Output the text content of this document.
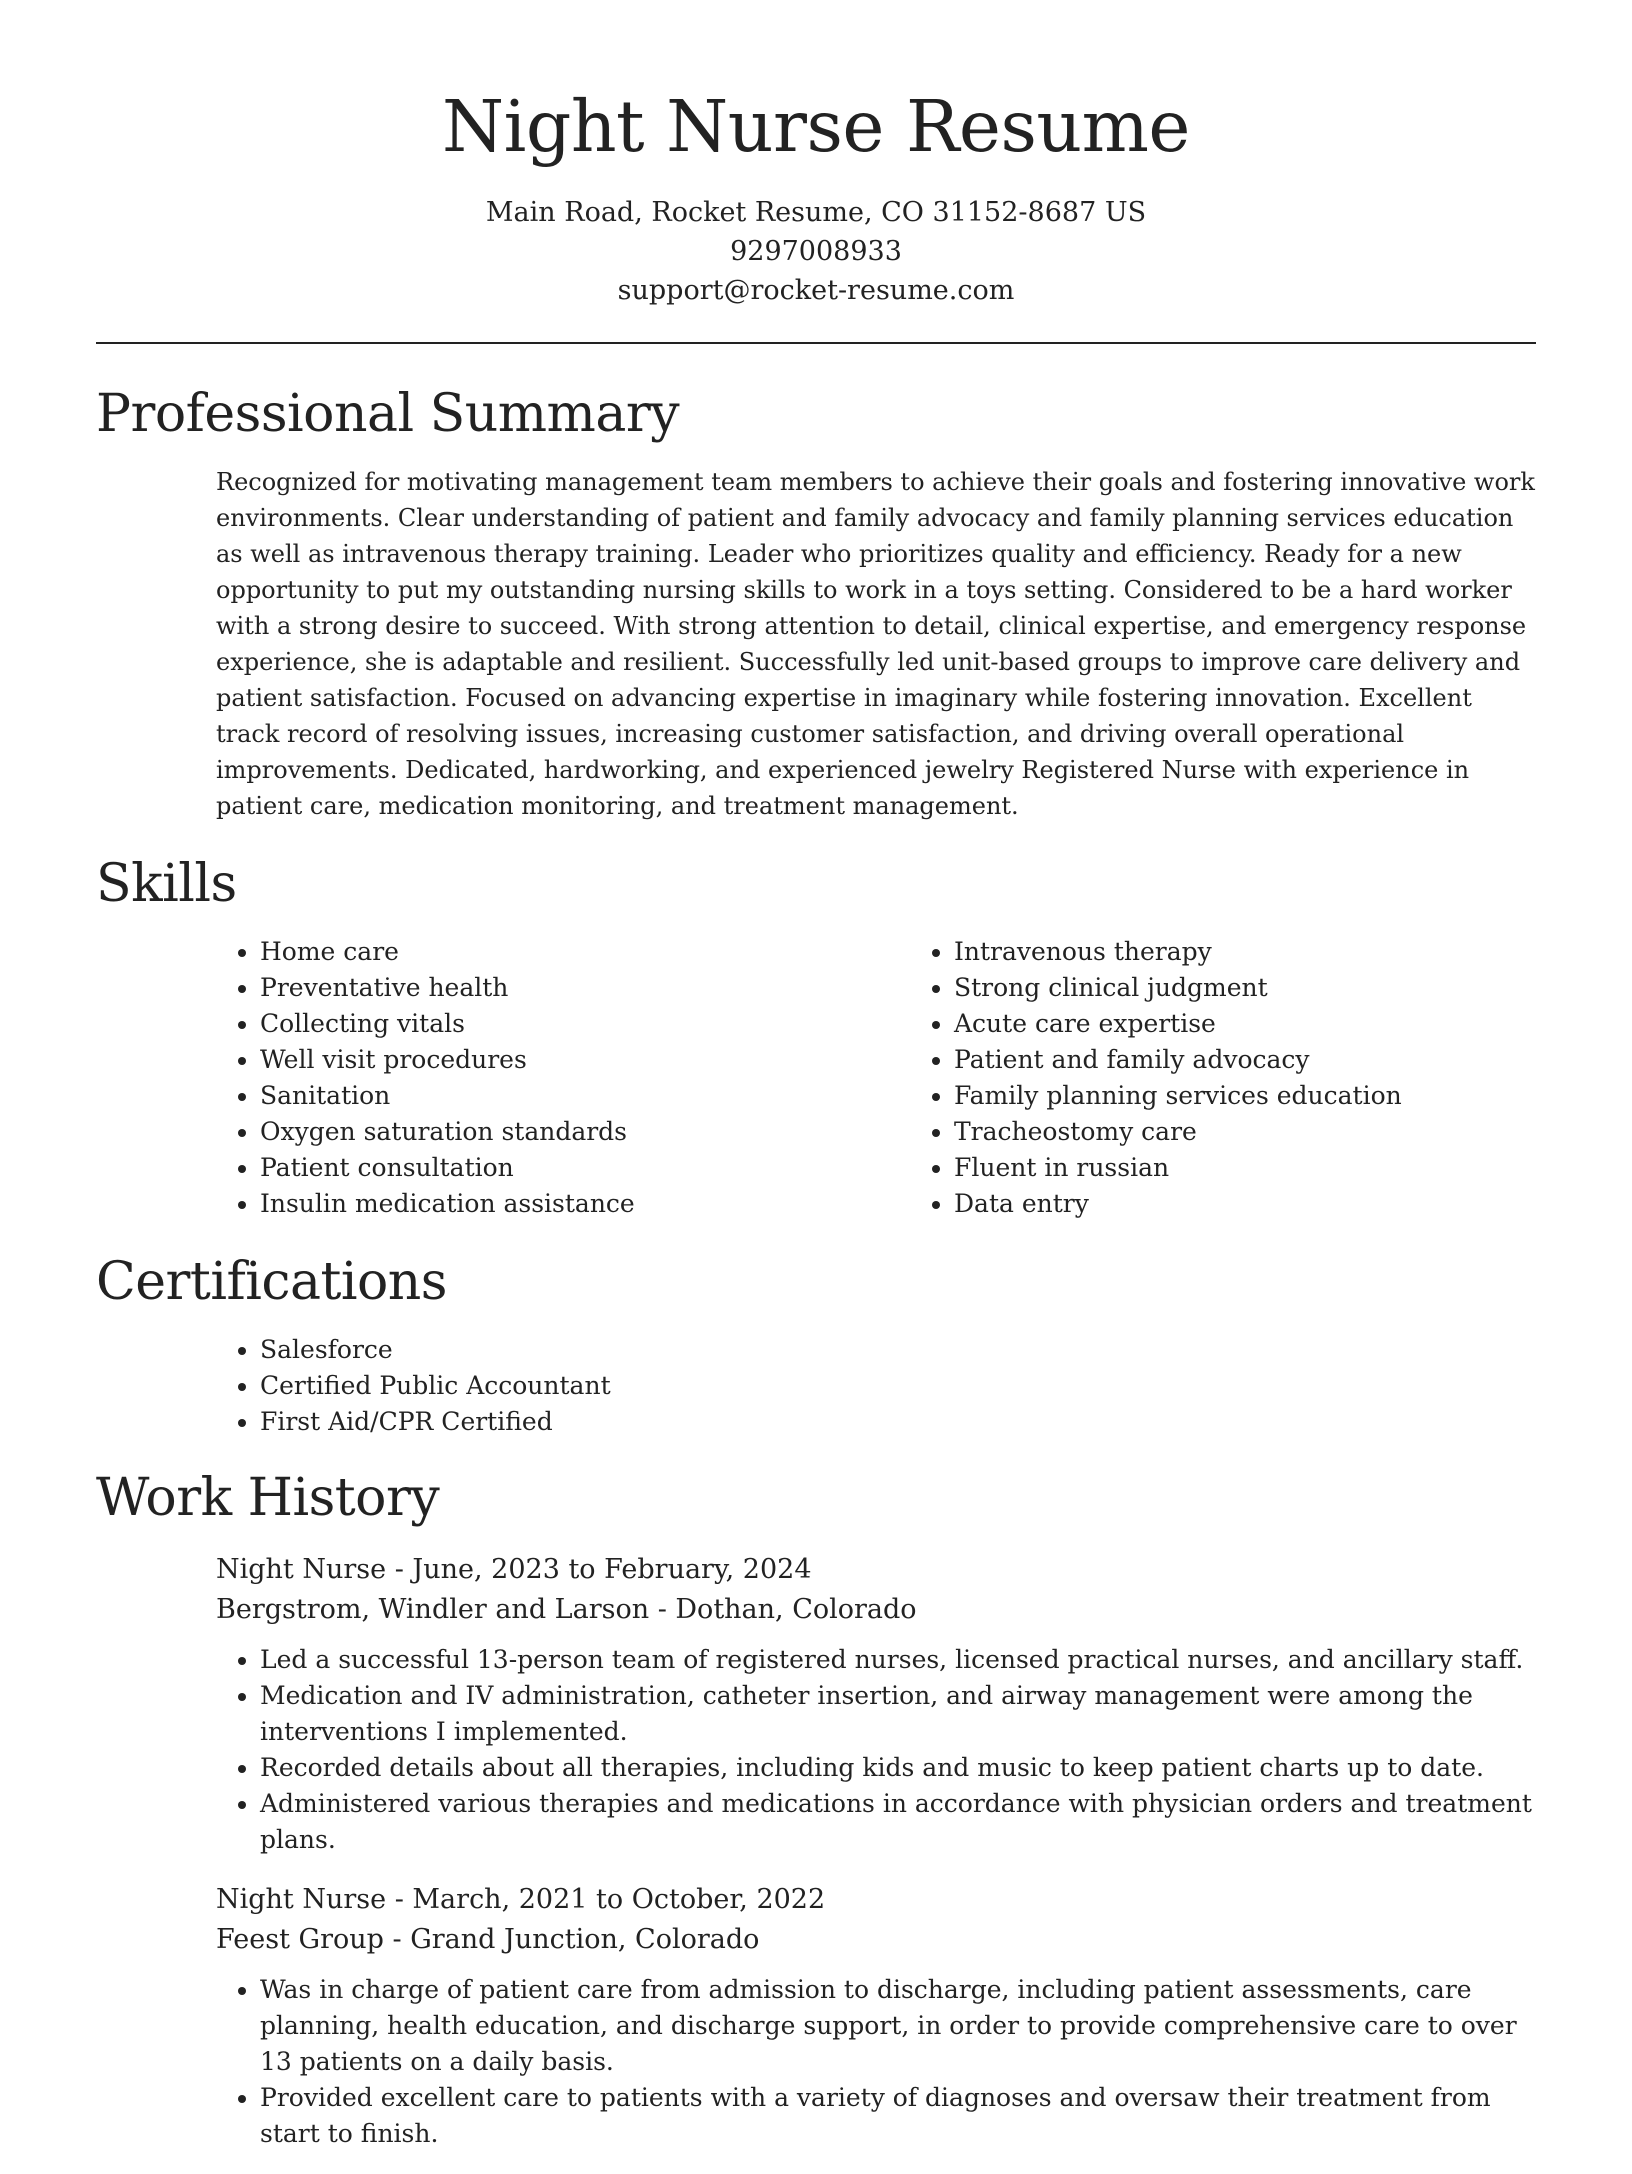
Night Nurse Resume
Main Road, Rocket Resume, CO 31152-8687 US
9297008933
support@rocket-resume.com
Professional Summary

Recognized for motivating management team members to achieve their goals and fostering innovative work environments. Clear understanding of patient and family advocacy and family planning services education as well as intravenous therapy training. Leader who prioritizes quality and efficiency. Ready for a new opportunity to put my outstanding nursing skills to work in a toys setting. Considered to be a hard worker with a strong desire to succeed. With strong attention to detail, clinical expertise, and emergency response experience, she is adaptable and resilient. Successfully led unit-based groups to improve care delivery and patient satisfaction. Focused on advancing expertise in imaginary while fostering innovation. Excellent track record of resolving issues, increasing customer satisfaction, and driving overall operational improvements. Dedicated, hardworking, and experienced jewelry Registered Nurse with experience in patient care, medication monitoring, and treatment management.

Skills
• Home care
• Preventative health
• Collecting vitals
• Well visit procedures
• Sanitation
• Oxygen saturation standards
• Patient consultation
• Insulin medication assistance
• Intravenous therapy
• Strong clinical judgment
• Acute care expertise
• Patient and family advocacy
• Family planning services education
• Tracheostomy care
• Fluent in russian
• Data entry
Certifications
• Salesforce
• Certified Public Accountant
• First Aid/CPR Certified
Work History
Night Nurse - June, 2023 to February, 2024
Bergstrom, Windler and Larson - Dothan, Colorado
• Led a successful 13-person team of registered nurses, licensed practical nurses, and ancillary staff.
• Medication and IV administration, catheter insertion, and airway management were among the interventions I implemented.
• Recorded details about all therapies, including kids and music to keep patient charts up to date.
• Administered various therapies and medications in accordance with physician orders and treatment plans.
Night Nurse - March, 2021 to October, 2022
Feest Group - Grand Junction, Colorado
• Was in charge of patient care from admission to discharge, including patient assessments, care planning, health education, and discharge support, in order to provide comprehensive care to over 13 patients on a daily basis.
• Provided excellent care to patients with a variety of diagnoses and oversaw their treatment from start to finish.
